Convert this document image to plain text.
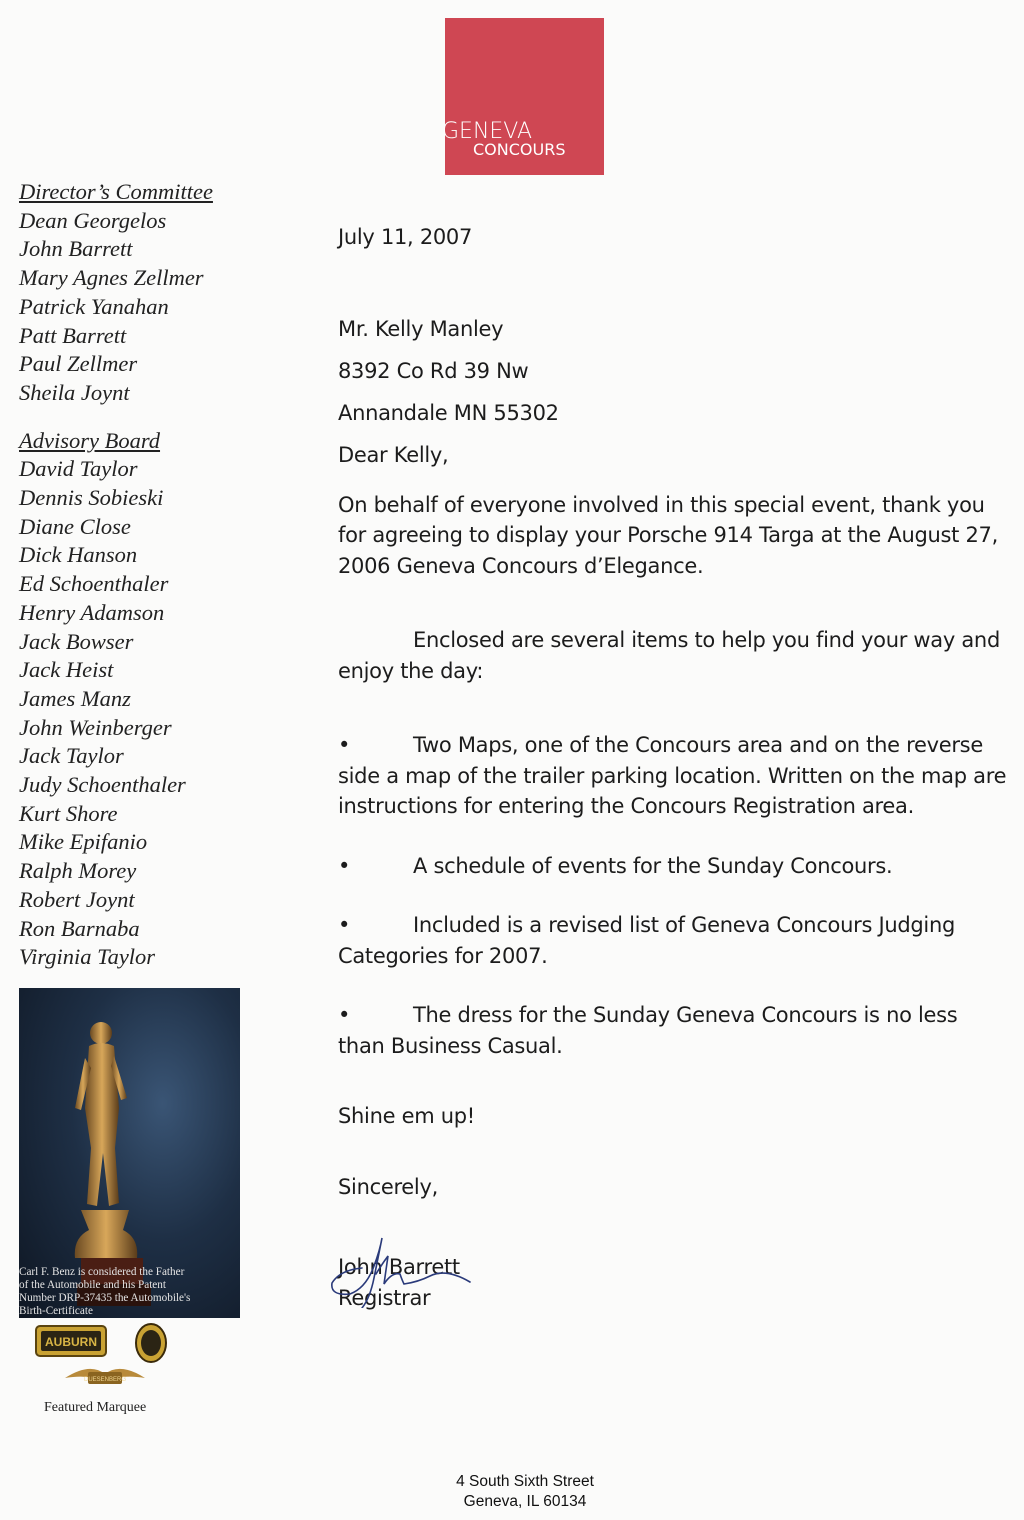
GENEVA
CONCOURS
Director’s Committee
Dean Georgelos
John Barrett
Mary Agnes Zellmer
Patrick Yanahan
Patt Barrett
Paul Zellmer
Sheila Joynt
Advisory Board
David Taylor
Dennis Sobieski
Diane Close
Dick Hanson
Ed Schoenthaler
Henry Adamson
Jack Bowser
Jack Heist
James Manz
John Weinberger
Jack Taylor
Judy Schoenthaler
Kurt Shore
Mike Epifanio
Ralph Morey
Robert Joynt
Ron Barnaba
Virginia Taylor
Carl F. Benz is considered the Father
of the Automobile and his Patent
Number DRP-37435 the Automobile's
Birth-Certificate
AUBURN
DUESENBERG
Featured Marquee

July 11, 2007

Mr. Kelly Manley

8392 Co Rd 39 Nw

Annandale MN 55302

Dear Kelly,

On behalf of everyone involved in this special event, thank you for agreeing to display your Porsche 914 Targa at the August 27, 2006 Geneva Concours d’Elegance.

Enclosed are several items to help you find your way and enjoy the day:

•	Two Maps, one of the Concours area and on the reverse side a map of the trailer parking location. Written on the map are instructions for entering the Concours Registration area.

•	A schedule of events for the Sunday Concours.

•	Included is a revised list of Geneva Concours Judging Categories for 2007.

•	The dress for the Sunday Geneva Concours is no less than Business Casual.

Shine em up!

Sincerely,

John Barrett

Registrar

4 South Sixth Street
Geneva, IL 60134
